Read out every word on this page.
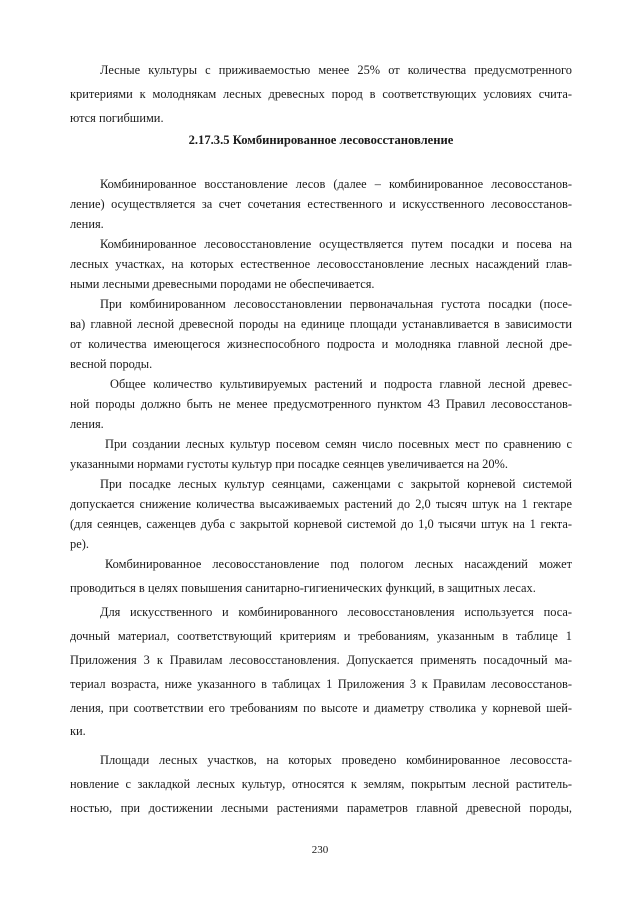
Лесные культуры с приживаемостью менее 25% от количества предусмотренного
критериями к молоднякам лесных древесных пород в соответствующих условиях счита-
ются погибшими.
2.17.3.5 Комбинированное лесовосстановление
Комбинированное восстановление лесов (далее – комбинированное лесовосстанов-
ление) осуществляется за счет сочетания естественного и искусственного лесовосстанов-
ления.
Комбинированное лесовосстановление осуществляется путем посадки и посева на
лесных участках, на которых естественное лесовосстановление лесных насаждений глав-
ными лесными древесными породами не обеспечивается.
При комбинированном лесовосстановлении первоначальная густота посадки (посе-
ва) главной лесной древесной породы на единице площади устанавливается в зависимости
от количества имеющегося жизнеспособного подроста и молодняка главной лесной дре-
весной породы.
Общее количество культивируемых растений и подроста главной лесной древес-
ной породы должно быть не менее предусмотренного пунктом 43 Правил лесовосстанов-
ления.
При создании лесных культур посевом семян число посевных мест по сравнению с
указанными нормами густоты культур при посадке сеянцев увеличивается на 20%.
При посадке лесных культур сеянцами, саженцами с закрытой корневой системой
допускается снижение количества высаживаемых растений до 2,0 тысяч штук на 1 гектаре
(для сеянцев, саженцев дуба с закрытой корневой системой до 1,0 тысячи штук на 1 гекта-
ре).
Комбинированное лесовосстановление под пологом лесных насаждений может
проводиться в целях повышения санитарно-гигиенических функций, в защитных лесах.
Для искусственного и комбинированного лесовосстановления используется поса-
дочный материал, соответствующий критериям и требованиям, указанным в таблице 1
Приложения 3 к Правилам лесовосстановления. Допускается применять посадочный ма-
териал возраста, ниже указанного в таблицах 1 Приложения 3 к Правилам лесовосстанов-
ления, при соответствии его требованиям по высоте и диаметру стволика у корневой шей-
ки.
230
Площади лесных участков, на которых проведено комбинированное лесовосста-
новление с закладкой лесных культур, относятся к землям, покрытым лесной раститель-
ностью, при достижении лесными растениями параметров главной древесной породы,
